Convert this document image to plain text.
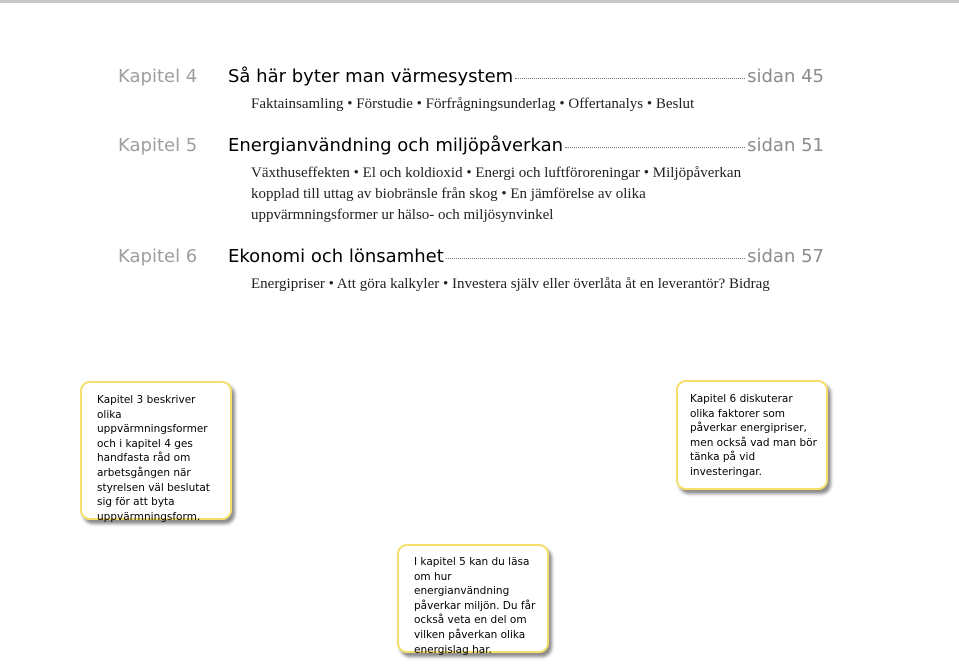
Kapitel 4 Så här byter man värmesystem	sidan 45
Faktainsamling • Förstudie • Förfrågningsunderlag • Offertanalys • Beslut
Kapitel 5 Energianvändning och miljöpåverkan	sidan 51
Växthuseffekten • El och koldioxid • Energi och luftföroreningar • Miljöpåverkan kopplad till uttag av biobränsle från skog • En jämförelse av olika uppvärmningsformer ur hälso- och miljösynvinkel
Kapitel 6 Ekonomi och lönsamhet	sidan 57
Energipriser • Att göra kalkyler • Investera själv eller överlåta åt en leverantör? Bidrag
Kapitel 3 beskriver olika uppvärmningsformer och i kapitel 4 ges handfasta råd om arbetsgången när styrelsen väl beslutat sig för att byta uppvärmningsform.
Kapitel 6 diskuterar olika faktorer som påverkar energipriser, men också vad man bör tänka på vid investeringar.
I kapitel 5 kan du läsa om hur energianvändning påverkar miljön. Du får också veta en del om vilken påverkan olika energislag har.
